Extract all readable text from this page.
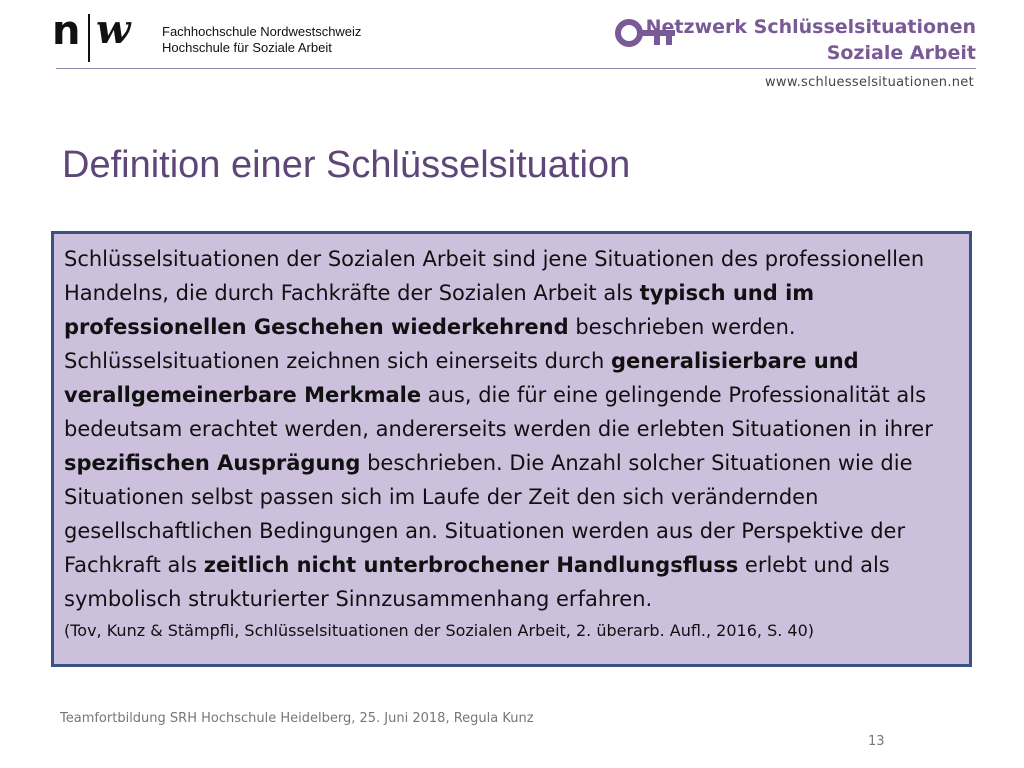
n w Fachhochschule Nordwestschweiz
Hochschule für Soziale Arbeit
Netzwerk Schlüsselsituationen
Soziale Arbeit
www.schluesselsituationen.net
Definition einer Schlüsselsituation

Schlüsselsituationen der Sozialen Arbeit sind jene Situationen des professionellen Handelns, die durch Fachkräfte der Sozialen Arbeit als typisch und im professionellen Geschehen wiederkehrend beschrieben werden. Schlüsselsituationen zeichnen sich einerseits durch generalisierbare und verallgemeinerbare Merkmale aus, die für eine gelingende Professionalität als bedeutsam erachtet werden, andererseits werden die erlebten Situationen in ihrer spezifischen Ausprägung beschrieben. Die Anzahl solcher Situationen wie die Situationen selbst passen sich im Laufe der Zeit den sich verändernden gesellschaftlichen Bedingungen an. Situationen werden aus der Perspektive der Fachkraft als zeitlich nicht unterbrochener Handlungsfluss erlebt und als symbolisch strukturierter Sinnzusammenhang erfahren.

(Tov, Kunz & Stämpfli, Schlüsselsituationen der Sozialen Arbeit, 2. überarb. Aufl., 2016, S. 40)

Teamfortbildung SRH Hochschule Heidelberg, 25. Juni 2018, Regula Kunz
13
